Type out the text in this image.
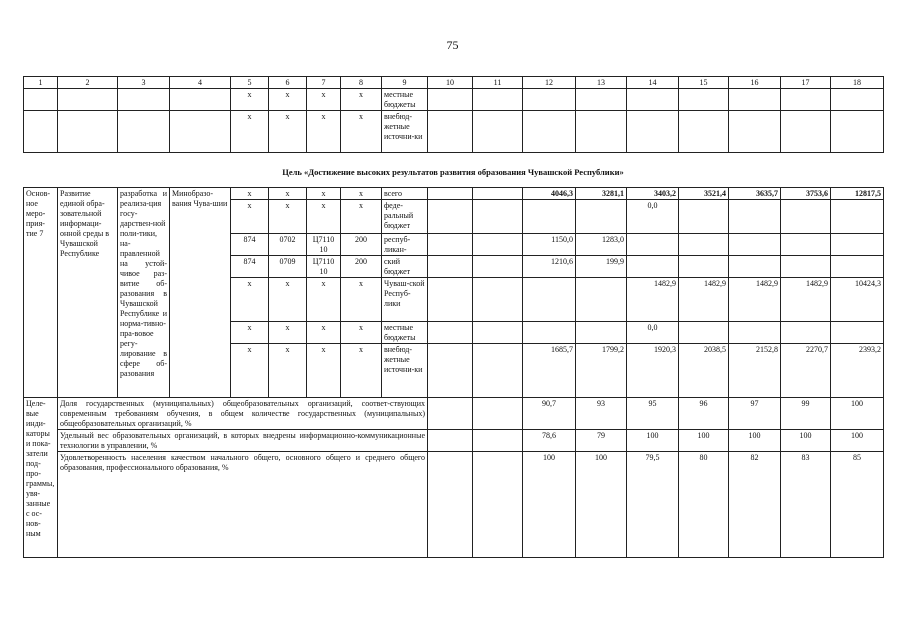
75
1	2	3	4	5	6	7	8	9	10	11	12	13	14	15	16	17	18
				x	x	x	x	местные бюджеты									
				x	x	x	x	внебюд-жетные источни-ки									
Цель «Достижение высоких результатов развития образования Чувашской Республики»
Основ-ное меро-прия-тие 7	Развитие единой обра-зовательной информаци-онной среды в Чувашской Республике	разработка и реализа-ция госу-дарствен-ной поли-тики, на-правленной на устой-чивое раз-витие об-разования в Чувашской Республике и норма-тивно-пра-вовое регу-лирование в сфере об-разования	Минобразо-вания Чува-шии	x	x	x	x	всего			4046,3	3281,1	3403,2	3521,4	3635,7	3753,6	12817,5
				x	x	x	x	феде-ральный бюджет					0,0				
				874	0702	Ц7110 10	200	респуб-ликан-			1150,0	1283,0					
				874	0709	Ц7110 10	200	ский бюджет			1210,6	199,9					
				x	x	x	x	Чуваш-ской Респуб-лики					1482,9	1482,9	1482,9	1482,9	10424,3
				x	x	x	x	местные бюджеты					0,0				
				x	x	x	x	внебюд-жетные источни-ки			1685,7	1799,2	1920,3	2038,5	2152,8	2270,7	2393,2
Целе-вые инди-каторы и пока-затели под-про-граммы, увя-занные с ос-нов-ным	Доля государственных (муниципальных) общеобразовательных организаций, соответ-ствующих современным требованиям обучения, в общем количестве государственных (муниципальных) общеобразовательных организаций, %										90,7	93	95	96	97	99	100
	Удельный вес образовательных организаций, в которых внедрены информационно-коммуникационные технологии в управлении, %										78,6	79	100	100	100	100	100
	Удовлетворенность населения качеством начального общего, основного общего и среднего общего образования, профессионального образования, %										100	100	79,5	80	82	83	85
